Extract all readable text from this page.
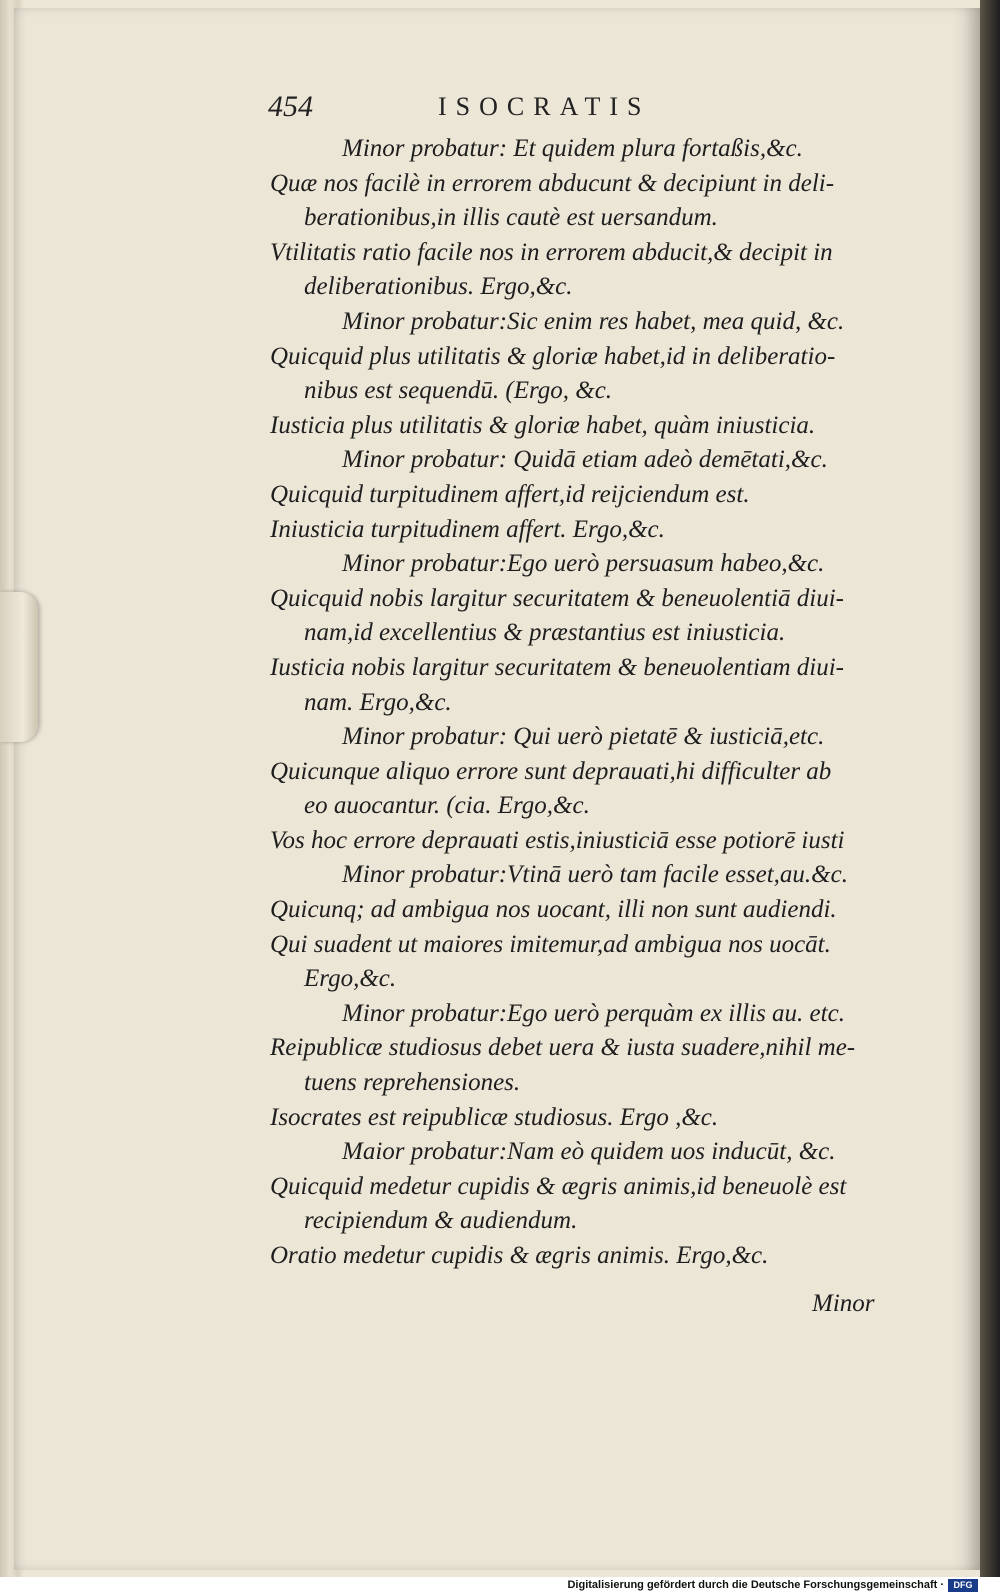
454	ISOCRATIS
Minor probatur: Et quidem plura fortaßis,&c.
Quæ nos facilè in errorem abducunt & decipiunt in deli-
berationibus,in illis cautè est uersandum.
Vtilitatis ratio facile nos in errorem abducit,& decipit in
deliberationibus. Ergo,&c.
Minor probatur:Sic enim res habet, mea quid, &c.
Quicquid plus utilitatis & gloriæ habet,id in deliberatio-
nibus est sequendū. (Ergo, &c.
Iusticia plus utilitatis & gloriæ habet, quàm iniusticia.
Minor probatur: Quidā etiam adeò demētati,&c.
Quicquid turpitudinem affert,id reijciendum est.
Iniusticia turpitudinem affert. Ergo,&c.
Minor probatur:Ego uerò persuasum habeo,&c.
Quicquid nobis largitur securitatem & beneuolentiā diui-
nam,id excellentius & præstantius est iniusticia.
Iusticia nobis largitur securitatem & beneuolentiam diui-
nam. Ergo,&c.
Minor probatur: Qui uerò pietatē & iusticiā,etc.
Quicunque aliquo errore sunt deprauati,hi difficulter ab
eo auocantur. (cia. Ergo,&c.
Vos hoc errore deprauati estis,iniusticiā esse potiorē iusti
Minor probatur:Vtinā uerò tam facile esset,au.&c.
Quicunq; ad ambigua nos uocant, illi non sunt audiendi.
Qui suadent ut maiores imitemur,ad ambigua nos uocāt.
Ergo,&c.
Minor probatur:Ego uerò perquàm ex illis au. etc.
Reipublicæ studiosus debet uera & iusta suadere,nihil me-
tuens reprehensiones.
Isocrates est reipublicæ studiosus. Ergo ,&c.
Maior probatur:Nam eò quidem uos inducūt, &c.
Quicquid medetur cupidis & ægris animis,id beneuolè est
recipiendum & audiendum.
Oratio medetur cupidis & ægris animis. Ergo,&c.
Minor
Digitalisierung gefördert durch die Deutsche Forschungsgemeinschaft ·	DFG
